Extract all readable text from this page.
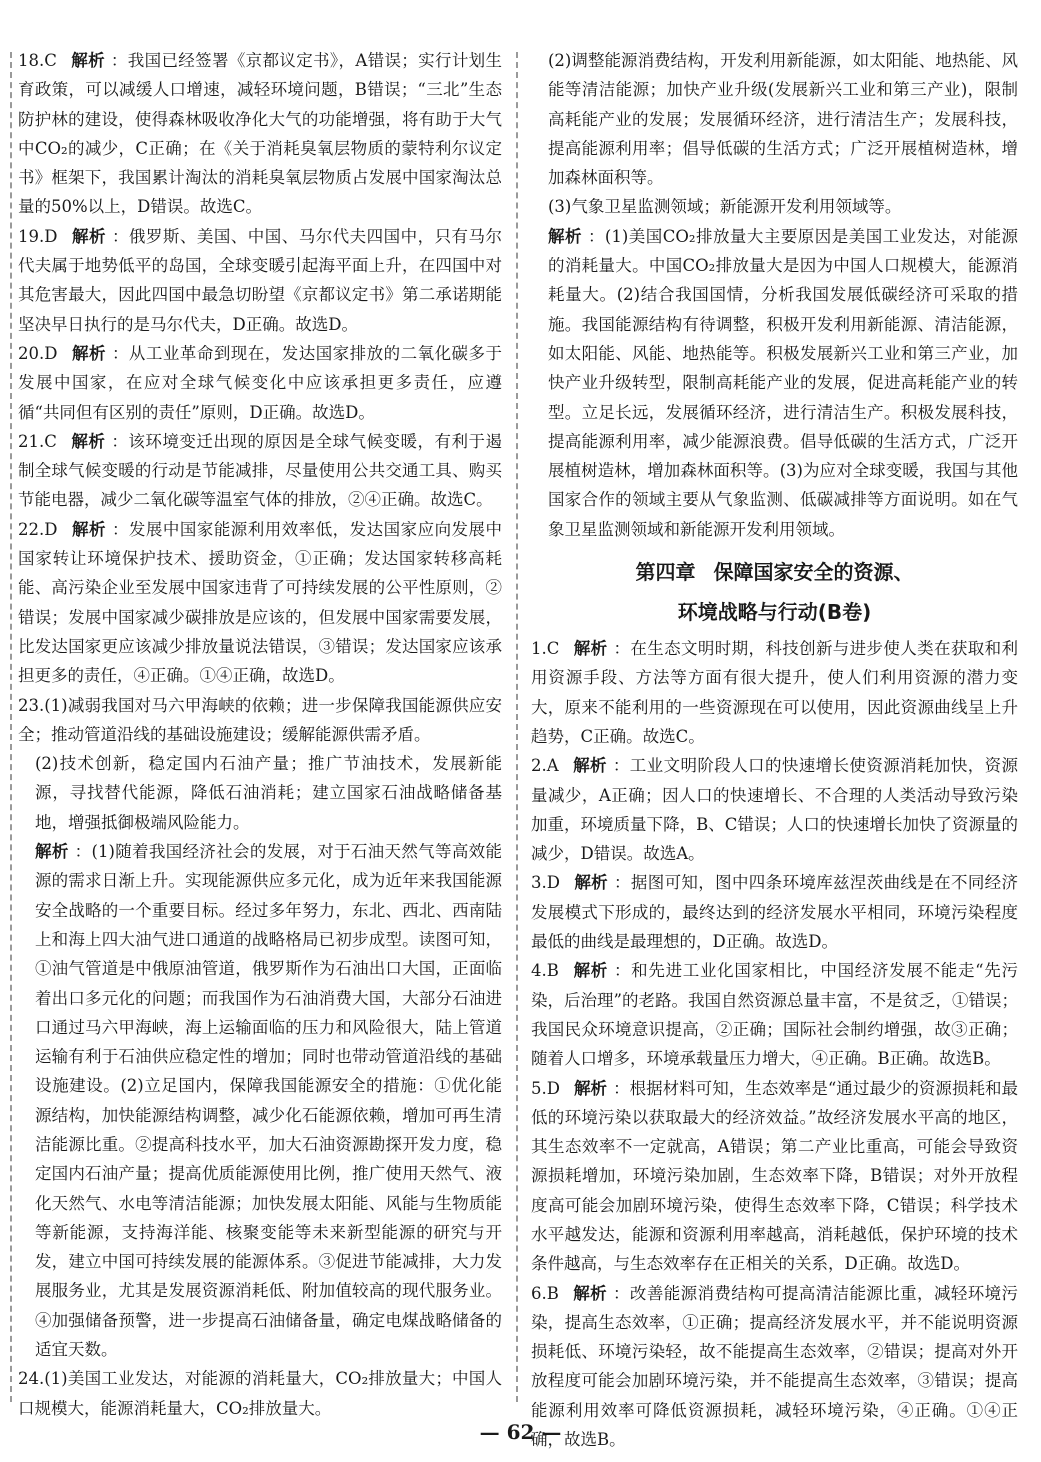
18.C 解析 ：我国已经签署《京都议定书》，A错误；实行计划生育政策，可以减缓人口增速，减轻环境问题，B错误；“三北”生态防护林的建设，使得森林吸收净化大气的功能增强，将有助于大气中CO₂的减少，C正确；在《关于消耗臭氧层物质的蒙特利尔议定书》框架下，我国累计淘汰的消耗臭氧层物质占发展中国家淘汰总量的50%以上，D错误。故选C。
19.D 解析 ：俄罗斯、美国、中国、马尔代夫四国中，只有马尔代夫属于地势低平的岛国，全球变暖引起海平面上升，在四国中对其危害最大，因此四国中最急切盼望《京都议定书》第二承诺期能坚决早日执行的是马尔代夫，D正确。故选D。
20.D 解析 ：从工业革命到现在，发达国家排放的二氧化碳多于发展中国家，在应对全球气候变化中应该承担更多责任，应遵循“共同但有区别的责任”原则，D正确。故选D。
21.C 解析 ：该环境变迁出现的原因是全球气候变暖，有利于遏制全球气候变暖的行动是节能减排，尽量使用公共交通工具、购买节能电器，减少二氧化碳等温室气体的排放，②④正确。故选C。
22.D 解析 ：发展中国家能源利用效率低，发达国家应向发展中国家转让环境保护技术、援助资金，①正确；发达国家转移高耗能、高污染企业至发展中国家违背了可持续发展的公平性原则，②错误；发展中国家减少碳排放是应该的，但发展中国家需要发展，比发达国家更应该减少排放量说法错误，③错误；发达国家应该承担更多的责任，④正确。①④正确，故选D。
23.(1)减弱我国对马六甲海峡的依赖；进一步保障我国能源供应安全；推动管道沿线的基础设施建设；缓解能源供需矛盾。
(2)技术创新，稳定国内石油产量；推广节油技术，发展新能源，寻找替代能源，降低石油消耗；建立国家石油战略储备基地，增强抵御极端风险能力。
解析 ：(1)随着我国经济社会的发展，对于石油天然气等高效能源的需求日渐上升。实现能源供应多元化，成为近年来我国能源安全战略的一个重要目标。经过多年努力，东北、西北、西南陆上和海上四大油气进口通道的战略格局已初步成型。读图可知，①油气管道是中俄原油管道，俄罗斯作为石油出口大国，正面临着出口多元化的问题；而我国作为石油消费大国，大部分石油进口通过马六甲海峡，海上运输面临的压力和风险很大，陆上管道运输有利于石油供应稳定性的增加；同时也带动管道沿线的基础设施建设。(2)立足国内，保障我国能源安全的措施：①优化能源结构，加快能源结构调整，减少化石能源依赖，增加可再生清洁能源比重。②提高科技水平，加大石油资源勘探开发力度，稳定国内石油产量；提高优质能源使用比例，推广使用天然气、液化天然气、水电等清洁能源；加快发展太阳能、风能与生物质能等新能源，支持海洋能、核聚变能等未来新型能源的研究与开发，建立中国可持续发展的能源体系。③促进节能减排，大力发展服务业，尤其是发展资源消耗低、附加值较高的现代服务业。④加强储备预警，进一步提高石油储备量，确定电煤战略储备的适宜天数。
24.(1)美国工业发达，对能源的消耗量大，CO₂排放量大；中国人口规模大，能源消耗量大，CO₂排放量大。
(2)调整能源消费结构，开发利用新能源，如太阳能、地热能、风能等清洁能源；加快产业升级(发展新兴工业和第三产业)，限制高耗能产业的发展；发展循环经济，进行清洁生产；发展科技，提高能源利用率；倡导低碳的生活方式；广泛开展植树造林，增加森林面积等。
(3)气象卫星监测领域；新能源开发利用领域等。
解析 ：(1)美国CO₂排放量大主要原因是美国工业发达，对能源的消耗量大。中国CO₂排放量大是因为中国人口规模大，能源消耗量大。(2)结合我国国情，分析我国发展低碳经济可采取的措施。我国能源结构有待调整，积极开发利用新能源、清洁能源，如太阳能、风能、地热能等。积极发展新兴工业和第三产业，加快产业升级转型，限制高耗能产业的发展，促进高耗能产业的转型。立足长远，发展循环经济，进行清洁生产。积极发展科技，提高能源利用率，减少能源浪费。倡导低碳的生活方式，广泛开展植树造林，增加森林面积等。(3)为应对全球变暖，我国与其他国家合作的领域主要从气象监测、低碳减排等方面说明。如在气象卫星监测领域和新能源开发利用领域。
第四章 保障国家安全的资源、
环境战略与行动(B卷)
1.C 解析 ：在生态文明时期，科技创新与进步使人类在获取和利用资源手段、方法等方面有很大提升，使人们利用资源的潜力变大，原来不能利用的一些资源现在可以使用，因此资源曲线呈上升趋势，C正确。故选C。
2.A 解析 ：工业文明阶段人口的快速增长使资源消耗加快，资源量减少，A正确；因人口的快速增长、不合理的人类活动导致污染加重，环境质量下降，B、C错误；人口的快速增长加快了资源量的减少，D错误。故选A。
3.D 解析 ：据图可知，图中四条环境库兹涅茨曲线是在不同经济发展模式下形成的，最终达到的经济发展水平相同，环境污染程度最低的曲线是最理想的，D正确。故选D。
4.B 解析 ：和先进工业化国家相比，中国经济发展不能走“先污染，后治理”的老路。我国自然资源总量丰富，不是贫乏，①错误；我国民众环境意识提高，②正确；国际社会制约增强，故③正确；随着人口增多，环境承载量压力增大，④正确。B正确。故选B。
5.D 解析 ：根据材料可知，生态效率是“通过最少的资源损耗和最低的环境污染以获取最大的经济效益。”故经济发展水平高的地区，其生态效率不一定就高，A错误；第二产业比重高，可能会导致资源损耗增加，环境污染加剧，生态效率下降，B错误；对外开放程度高可能会加剧环境污染，使得生态效率下降，C错误；科学技术水平越发达，能源和资源利用率越高，消耗越低，保护环境的技术条件越高，与生态效率存在正相关的关系，D正确。故选D。
6.B 解析 ：改善能源消费结构可提高清洁能源比重，减轻环境污染，提高生态效率，①正确；提高经济发展水平，并不能说明资源损耗低、环境污染轻，故不能提高生态效率，②错误；提高对外开放程度可能会加剧环境污染，并不能提高生态效率，③错误；提高能源利用效率可降低资源损耗，减轻环境污染，④正确。①④正确，故选B。
— 62 —
